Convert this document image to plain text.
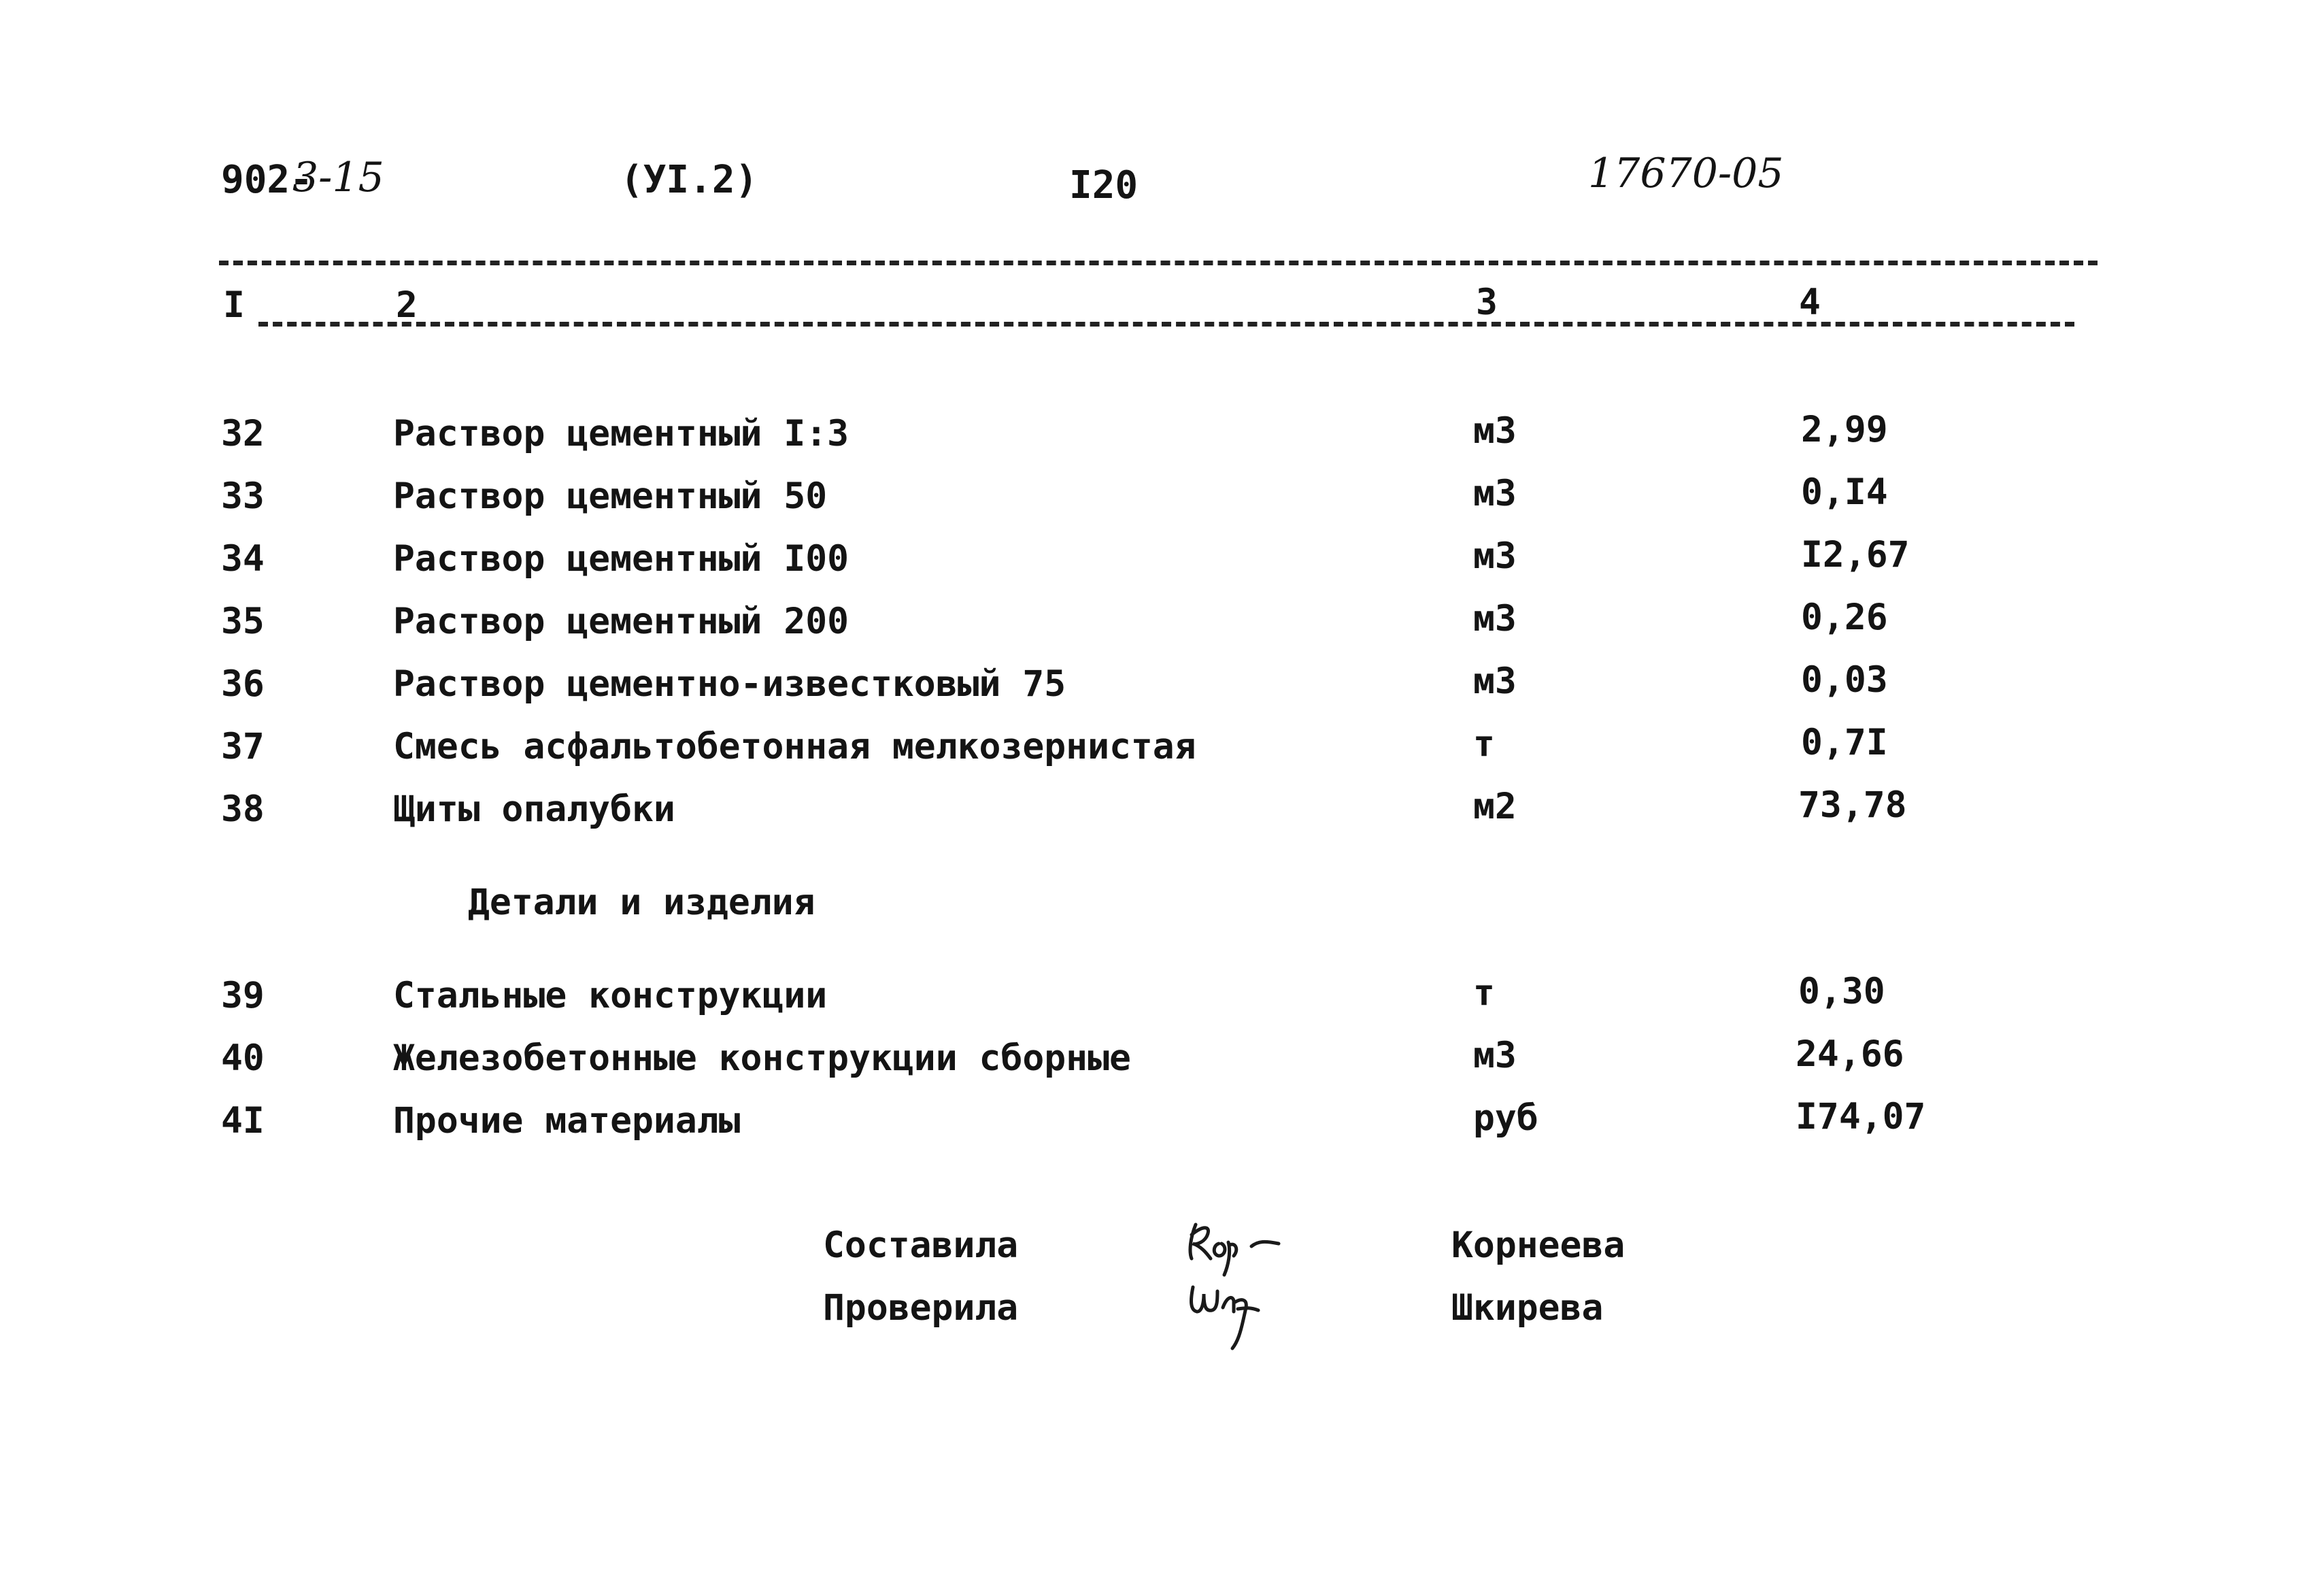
902-
3-15	(УI.2)	I20	17670-05
I	2	3	4
32	Раствор цементный I:3	м3	2,99
33	Раствор цементный 50	м3	0,I4
34	Раствор цементный I00	м3	I2,67
35	Раствор цементный 200	м3	0,26
36	Раствор цементно-известковый 75	м3	0,03
37	Смесь асфальтобетонная мелкозернистая	т	0,7I
38	Щиты опалубки	м2	73,78
Детали и изделия
39	Стальные конструкции	т	0,30
40	Железобетонные конструкции сборные	м3	24,66
4I	Прочие материалы	руб	I74,07
Составила	Корнеева
Проверила	Шкирева
